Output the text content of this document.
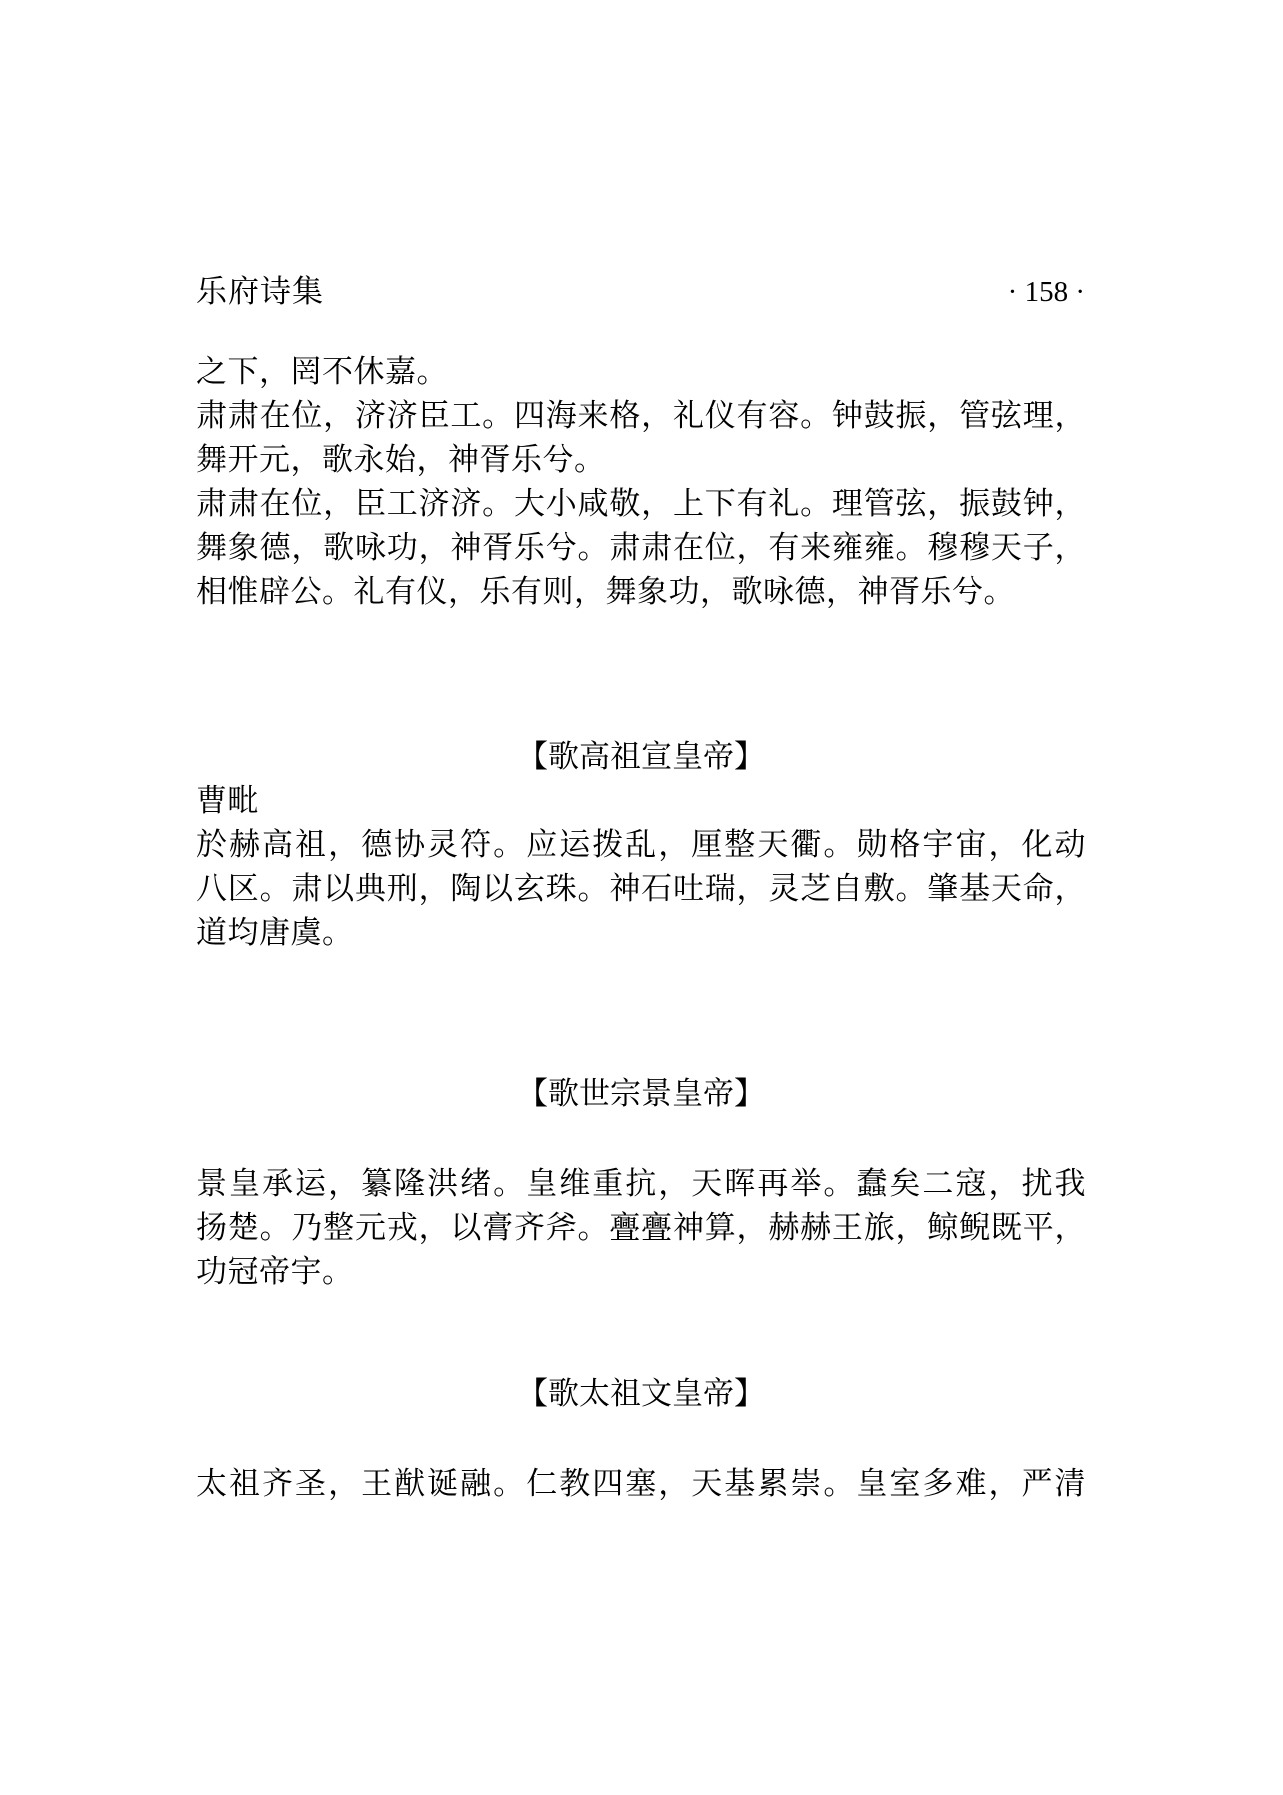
乐府诗集	· 158 ·
之下，罔不休嘉。
肃肃在位，济济臣工。四海来格，礼仪有容。钟鼓振，管弦理，
舞开元，歌永始，神胥乐兮。
肃肃在位，臣工济济。大小咸敬，上下有礼。理管弦，振鼓钟，
舞象德，歌咏功，神胥乐兮。肃肃在位，有来雍雍。穆穆天子，
相惟辟公。礼有仪，乐有则，舞象功，歌咏德，神胥乐兮。
【歌高祖宣皇帝】
曹毗
於赫高祖，德协灵符。应运拨乱，厘整天衢。勋格宇宙，化动
八区。肃以典刑，陶以玄珠。神石吐瑞，灵芝自敷。肇基天命，
道均唐虞。
【歌世宗景皇帝】
景皇承运，纂隆洪绪。皇维重抗，天晖再举。蠢矣二寇，扰我
扬楚。乃整元戎，以膏齐斧。亹亹神算，赫赫王旅，鲸鲵既平，
功冠帝宇。
【歌太祖文皇帝】
太祖齐圣，王猷诞融。仁教四塞，天基累崇。皇室多难，严清
